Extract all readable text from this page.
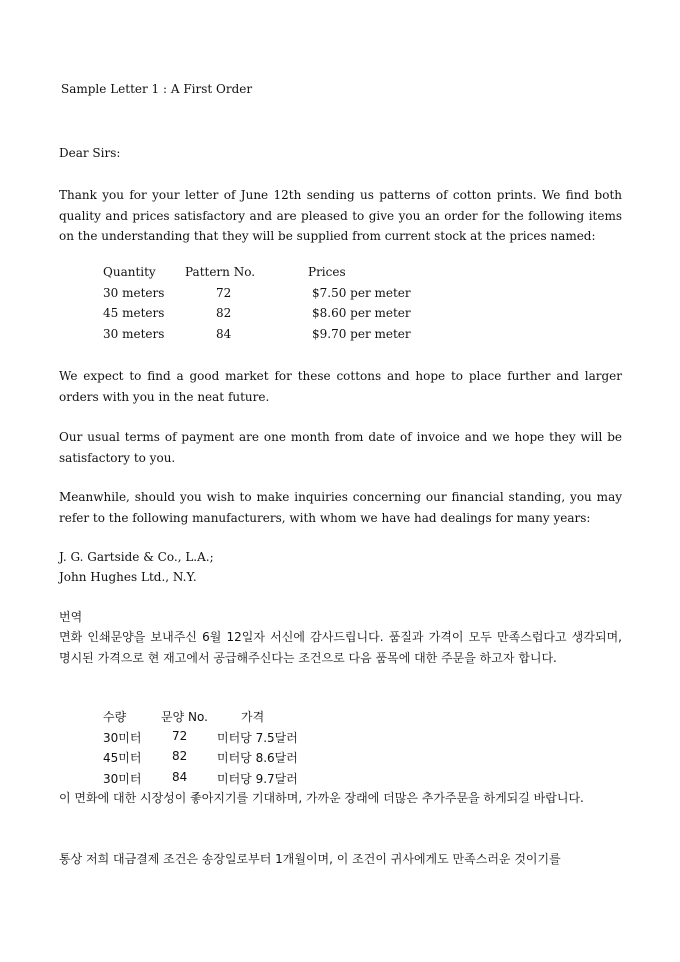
Sample Letter 1 : A First Order
Dear Sirs:

Thank you for your letter of June 12th sending us patterns of cotton prints. We find both quality and prices satisfactory and are pleased to give you an order for the following items on the understanding that they will be supplied from current stock at the prices named:

Quantity Pattern No.	Prices
30 meters	72	$7.50 per meter
45 meters	82	$8.60 per meter
30 meters	84	$9.70 per meter

We expect to find a good market for these cottons and hope to place further and larger orders with you in the neat future.

Our usual terms of payment are one month from date of invoice and we hope they will be satisfactory to you.

Meanwhile, should you wish to make inquiries concerning our financial standing, you may refer to the following manufacturers, with whom we have had dealings for many years:

J. G. Gartside & Co., L.A.;
John Hughes Ltd., N.Y.
번역

면화 인쇄문양을 보내주신 6월 12일자 서신에 감사드립니다. 품질과 가격이 모두 만족스럽다고 생각되며, 명시된 가격으로 현 재고에서 공급해주신다는 조건으로 다음 품목에 대한 주문을 하고자 합니다.

수량	문양 No.	가격
30미터	72 미터당 7.5달러
45미터	82 미터당 8.6달러
30미터	84 미터당 9.7달러

이 면화에 대한 시장성이 좋아지기를 기대하며, 가까운 장래에 더많은 추가주문을 하게되길 바랍니다.

통상 저희 대금결제 조건은 송장일로부터 1개월이며, 이 조건이 귀사에게도 만족스러운 것이기를
